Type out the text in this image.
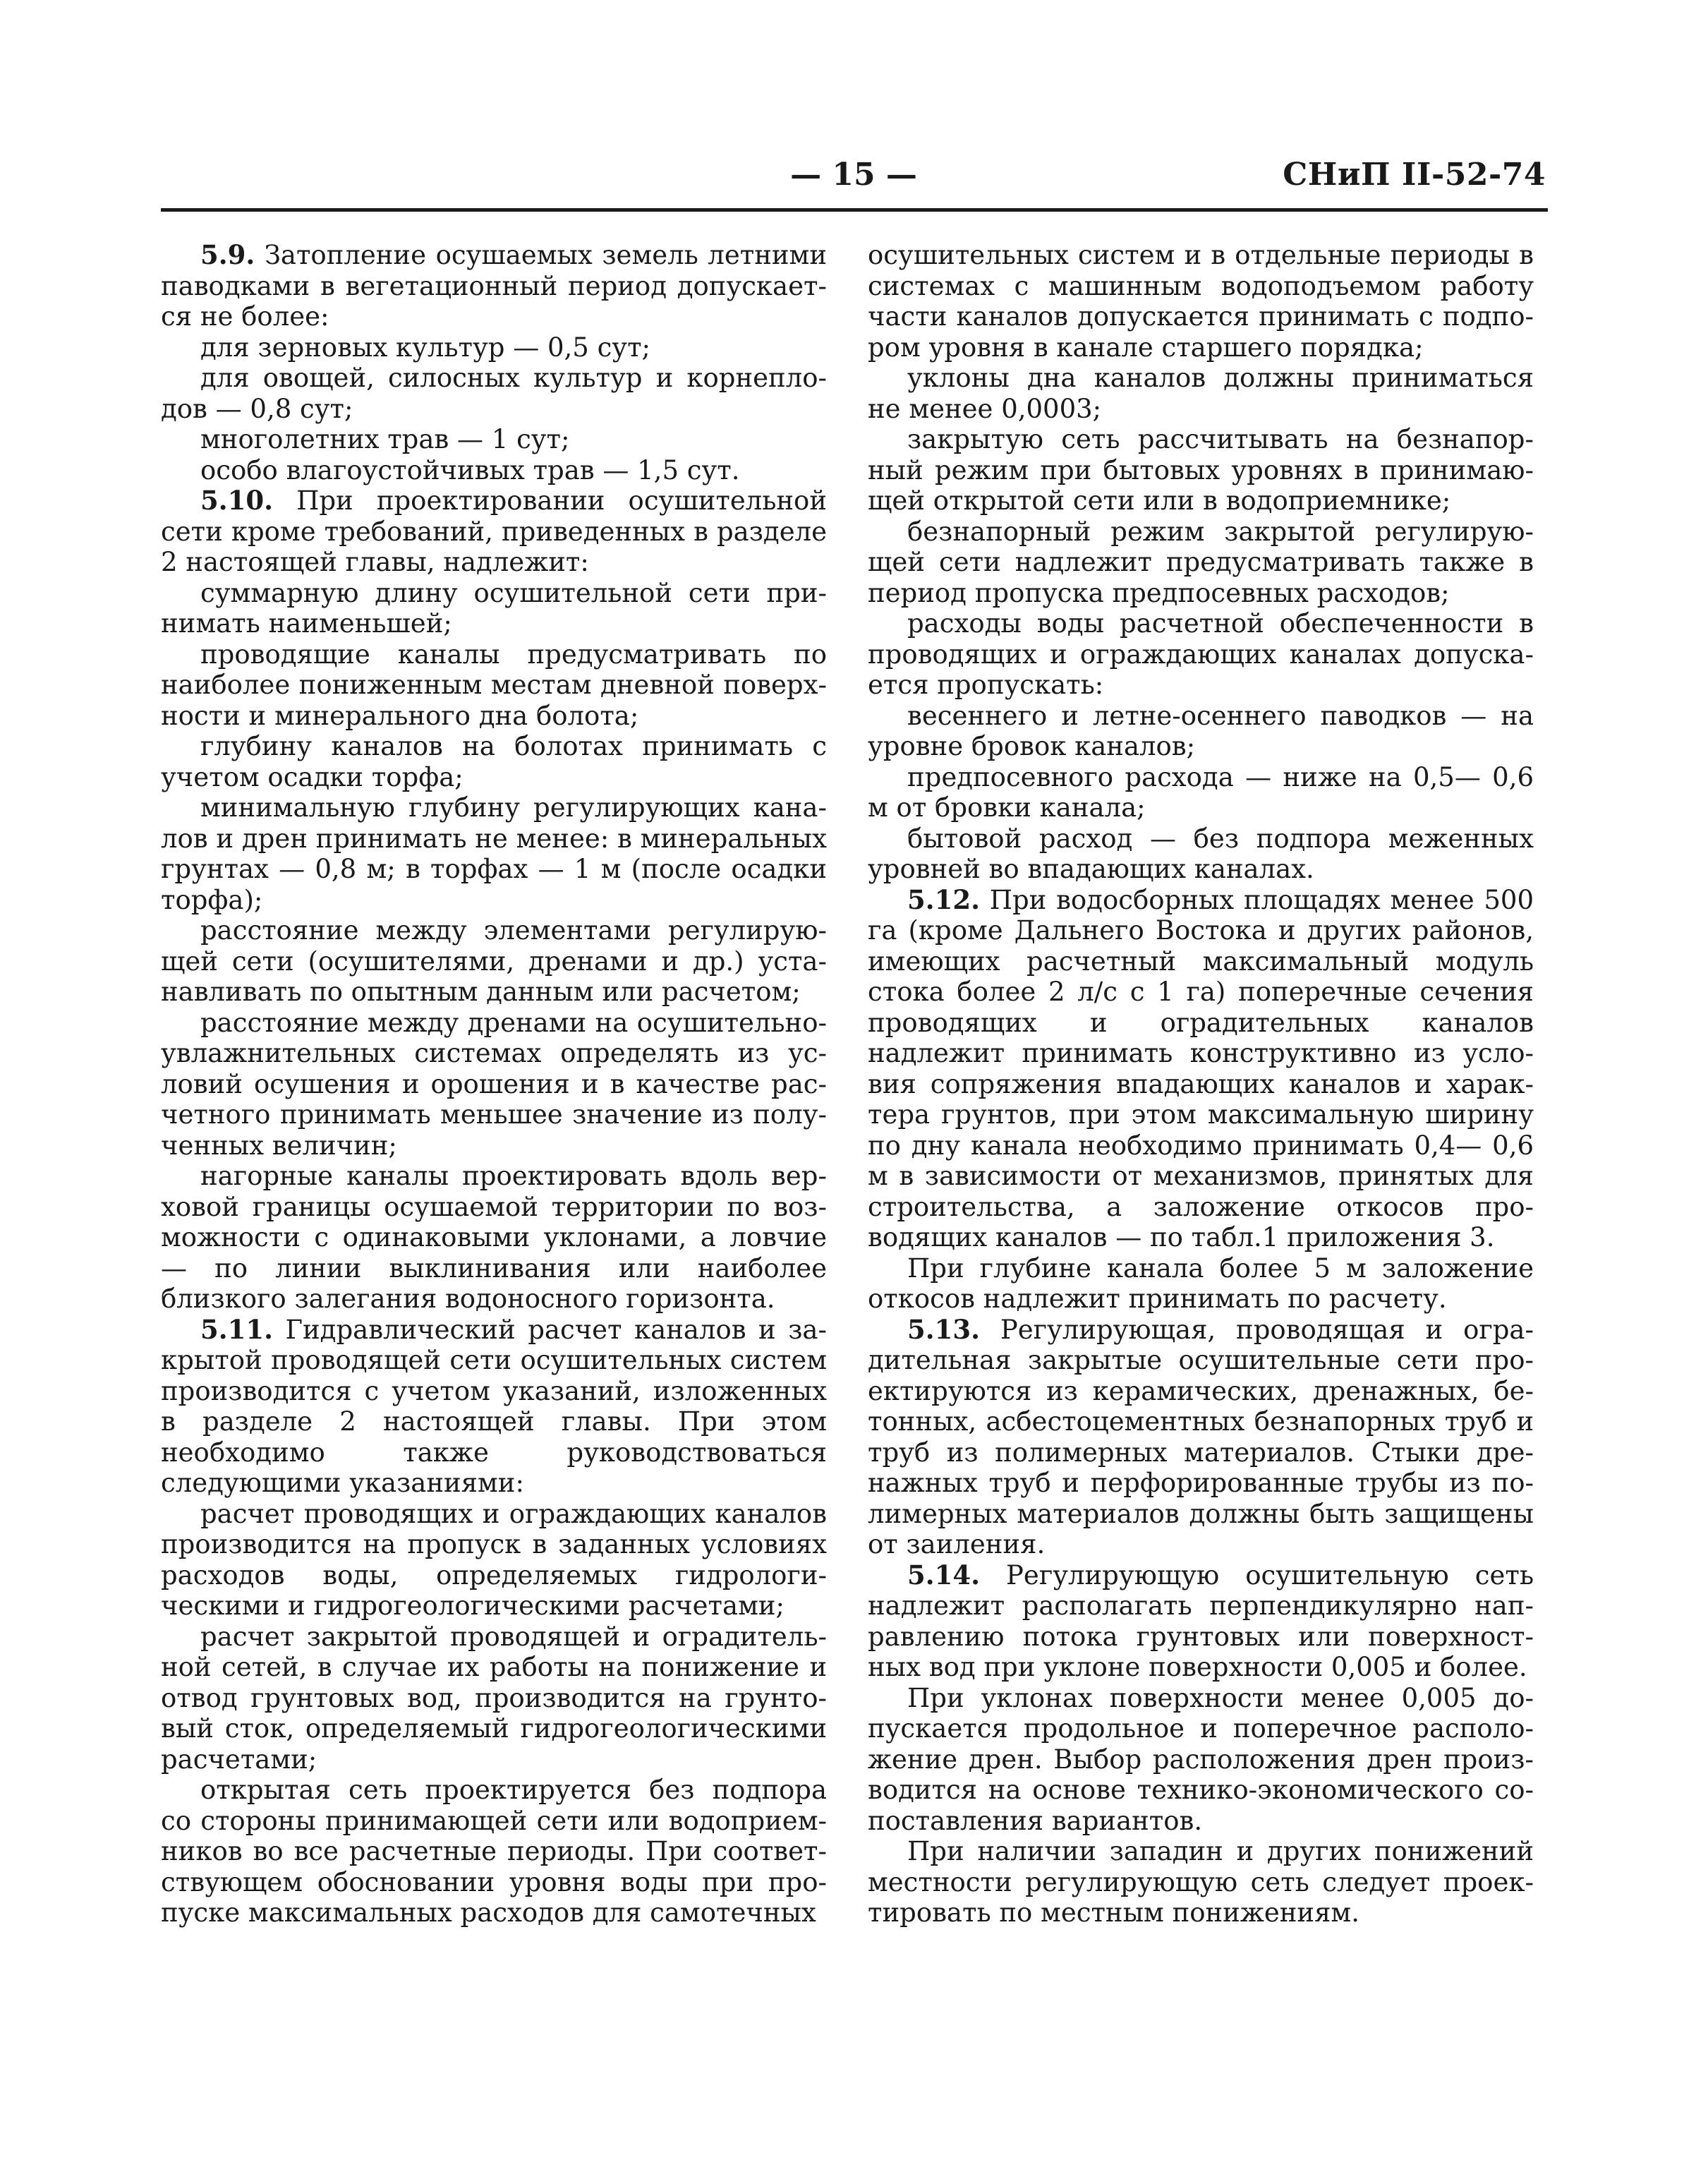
— 15 —	СНиП II-52-74

5.9. Затопление осушаемых земель летними паводками в вегетационный период допускается не более:

для зерновых культур — 0,5 сут;

для овощей, силосных культур и корнеплодов — 0,8 сут;

многолетних трав — 1 сут;

особо влагоустойчивых трав — 1,5 сут.

5.10. При проектировании осушительной сети кроме требований, приведенных в разделе 2 настоящей главы, надлежит:

суммарную длину осушительной сети принимать наименьшей;

проводящие каналы предусматривать по наиболее пониженным местам дневной поверхности и минерального дна болота;

глубину каналов на болотах принимать с учетом осадки торфа;

минимальную глубину регулирующих каналов и дрен принимать не менее: в минеральных грунтах — 0,8 м; в торфах — 1 м (после осадки торфа);

расстояние между элементами регулирующей сети (осушителями, дренами и др.) устанавливать по опытным данным или расчетом;

расстояние между дренами на осушительно-увлажнительных системах определять из условий осушения и орошения и в качестве расчетного принимать меньшее значение из полученных величин;

нагорные каналы проектировать вдоль верховой границы осушаемой территории по возможности с одинаковыми уклонами, а ловчие — по линии выклинивания или наиболее близкого залегания водоносного горизонта.

5.11. Гидравлический расчет каналов и закрытой проводящей сети осушительных систем производится с учетом указаний, изложенных в разделе 2 настоящей главы. При этом необходимо также руководствоваться следующими указаниями:

расчет проводящих и ограждающих каналов производится на пропуск в заданных условиях расходов воды, определяемых гидрологическими и гидрогеологическими расчетами;

расчет закрытой проводящей и оградительной сетей, в случае их работы на понижение и отвод грунтовых вод, производится на грунтовый сток, определяемый гидрогеологическими расчетами;

открытая сеть проектируется без подпора со стороны принимающей сети или водоприемников во все расчетные периоды. При соответствующем обосновании уровня воды при пропуске максимальных расходов для самотечных

осушительных систем и в отдельные периоды в системах с машинным водоподъемом работу части каналов допускается принимать с подпором уровня в канале старшего порядка;

уклоны дна каналов должны приниматься не менее 0,0003;

закрытую сеть рассчитывать на безнапорный режим при бытовых уровнях в принимающей открытой сети или в водоприемнике;

безнапорный режим закрытой регулирующей сети надлежит предусматривать также в период пропуска предпосевных расходов;

расходы воды расчетной обеспеченности в проводящих и ограждающих каналах допускается пропускать:

весеннего и летне-осеннего паводков — на уровне бровок каналов;

предпосевного расхода — ниже на 0,5— 0,6 м от бровки канала;

бытовой расход — без подпора меженных уровней во впадающих каналах.

5.12. При водосборных площадях менее 500 га (кроме Дальнего Востока и других районов, имеющих расчетный максимальный модуль стока более 2 л/с с 1 га) поперечные сечения проводящих и оградительных каналов надлежит принимать конструктивно из условия сопряжения впадающих каналов и характера грунтов, при этом максимальную ширину по дну канала необходимо принимать 0,4— 0,6 м в зависимости от механизмов, принятых для строительства, а заложение откосов проводящих каналов — по табл.1 приложения 3.

При глубине канала более 5 м заложение откосов надлежит принимать по расчету.

5.13. Регулирующая, проводящая и оградительная закрытые осушительные сети проектируются из керамических, дренажных, бетонных, асбестоцементных безнапорных труб и труб из полимерных материалов. Стыки дренажных труб и перфорированные трубы из полимерных материалов должны быть защищены от заиления.

5.14. Регулирующую осушительную сеть надлежит располагать перпендикулярно направлению потока грунтовых или поверхностных вод при уклоне поверхности 0,005 и более.

При уклонах поверхности менее 0,005 допускается продольное и поперечное расположение дрен. Выбор расположения дрен производится на основе технико-экономического сопоставления вариантов.

При наличии западин и других понижений местности регулирующую сеть следует проектировать по местным понижениям.
